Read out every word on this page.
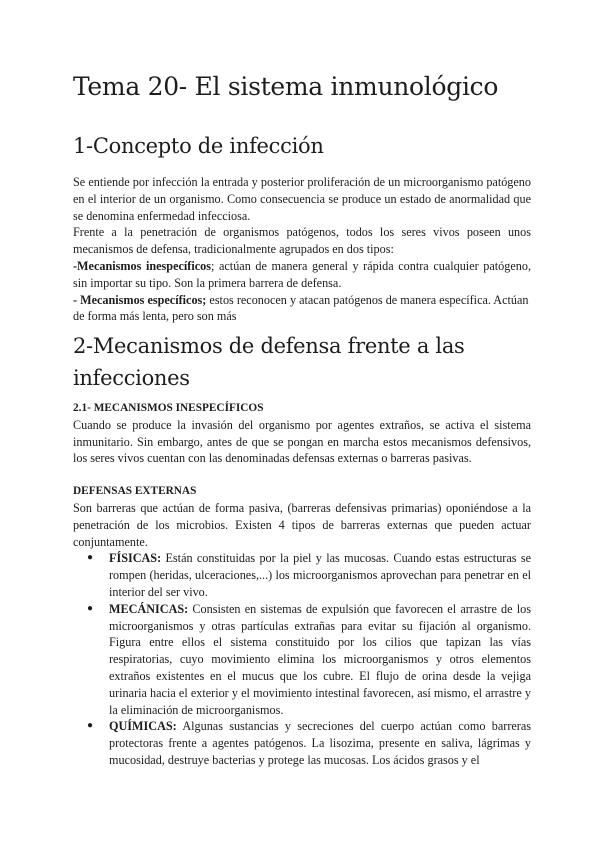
Tema 20- El sistema inmunológico
1-Concepto de infección

Se entiende por infección la entrada y posterior proliferación de un microorganismo patógeno en el interior de un organismo. Como consecuencia se produce un estado de anormalidad que se denomina enfermedad infecciosa.

Frente a la penetración de organismos patógenos, todos los seres vivos poseen unos mecanismos de defensa, tradicionalmente agrupados en dos tipos:

-Mecanismos inespecíficos; actúan de manera general y rápida contra cualquier patógeno, sin importar su tipo. Son la primera barrera de defensa.

- Mecanismos específicos; estos reconocen y atacan patógenos de manera específica. Actúan de forma más lenta, pero son más

2-Mecanismos de defensa frente a las infecciones
2.1- MECANISMOS INESPECÍFICOS

Cuando se produce la invasión del organismo por agentes extraños, se activa el sistema inmunitario. Sin embargo, antes de que se pongan en marcha estos mecanismos defensivos, los seres vivos cuentan con las denominadas defensas externas o barreras pasivas.

DEFENSAS EXTERNAS

Son barreras que actúan de forma pasiva, (barreras defensivas primarias) oponiéndose a la penetración de los microbios. Existen 4 tipos de barreras externas que pueden actuar conjuntamente.

● FÍSICAS: Están constituidas por la piel y las mucosas. Cuando estas estructuras se rompen (heridas, ulceraciones,...) los microorganismos aprovechan para penetrar en el interior del ser vivo.
● MECÁNICAS: Consisten en sistemas de expulsión que favorecen el arrastre de los microorganismos y otras partículas extrañas para evitar su fijación al organismo. Figura entre ellos el sistema constituido por los cilios que tapizan las vías respiratorias, cuyo movimiento elimina los microorganismos y otros elementos extraños existentes en el mucus que los cubre. El flujo de orina desde la vejiga urinaria hacia el exterior y el movimiento intestinal favorecen, así mismo, el arrastre y la eliminación de microorganismos.
● QUÍMICAS: Algunas sustancias y secreciones del cuerpo actúan como barreras protectoras frente a agentes patógenos. La lisozima, presente en saliva, lágrimas y mucosidad, destruye bacterias y protege las mucosas. Los ácidos grasos y el
